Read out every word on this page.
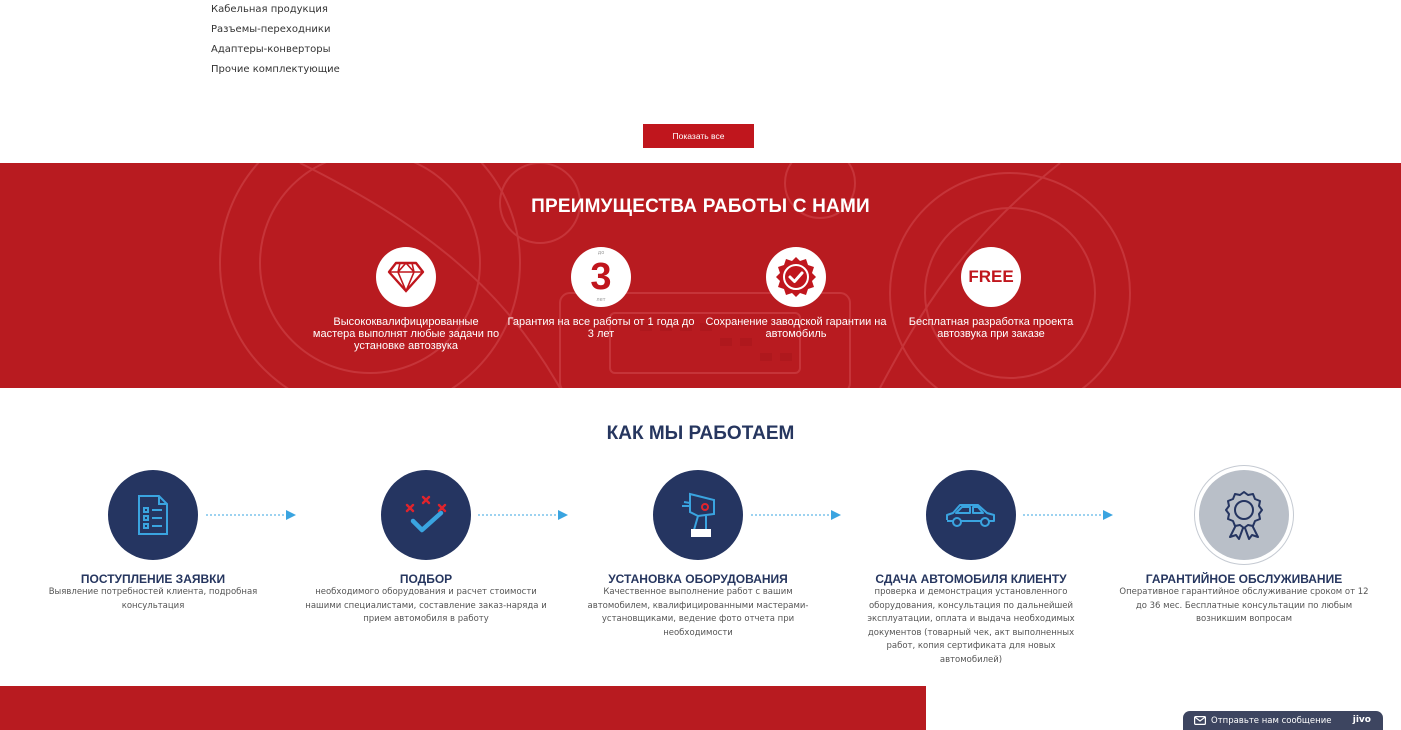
Кабельная продукция
Разъемы-переходники
Адаптеры-конверторы
Прочие комплектующие
Показать все
ПРЕИМУЩЕСТВА РАБОТЫ С НАМИ
Высококвалифицированные мастера выполнят любые задачи по установке автозвука
до
3
лет
Гарантия на все работы от 1 года до 3 лет
Сохранение заводской гарантии на автомобиль
FREE
Бесплатная разработка проекта автозвука при заказе
КАК МЫ РАБОТАЕМ
ПОСТУПЛЕНИЕ ЗАЯВКИ
Выявление потребностей клиента, подробная консультация
ПОДБОР
необходимого оборудования и расчет стоимости нашими специалистами, составление заказ-наряда и прием автомобиля в работу
УСТАНОВКА ОБОРУДОВАНИЯ
Качественное выполнение работ с вашим автомобилем, квалифицированными мастерами-установщиками, ведение фото отчета при необходимости
СДАЧА АВТОМОБИЛЯ КЛИЕНТУ
проверка и демонстрация установленного оборудования, консультация по дальнейшей эксплуатации, оплата и выдача необходимых документов (товарный чек, акт выполненных работ, копия сертификата для новых автомобилей)
ГАРАНТИЙНОЕ ОБСЛУЖИВАНИЕ
Оперативное гарантийное обслуживание сроком от 12 до 36 мес. Бесплатные консультации по любым возникшим вопросам
Отправьте нам сообщение jivo
